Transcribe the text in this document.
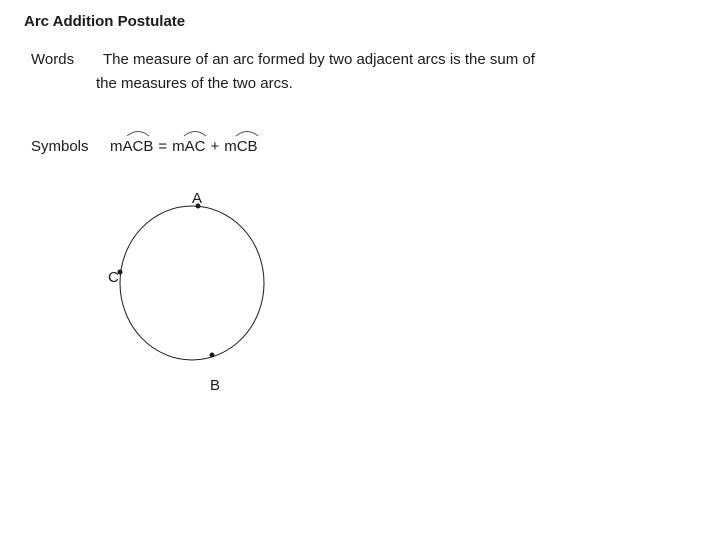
Arc Addition Postulate
Words The measure of an arc formed by two adjacent arcs is the sum of
the measures of the two arcs.
Symbols m ACB = m AC + m CB
A
C
B
